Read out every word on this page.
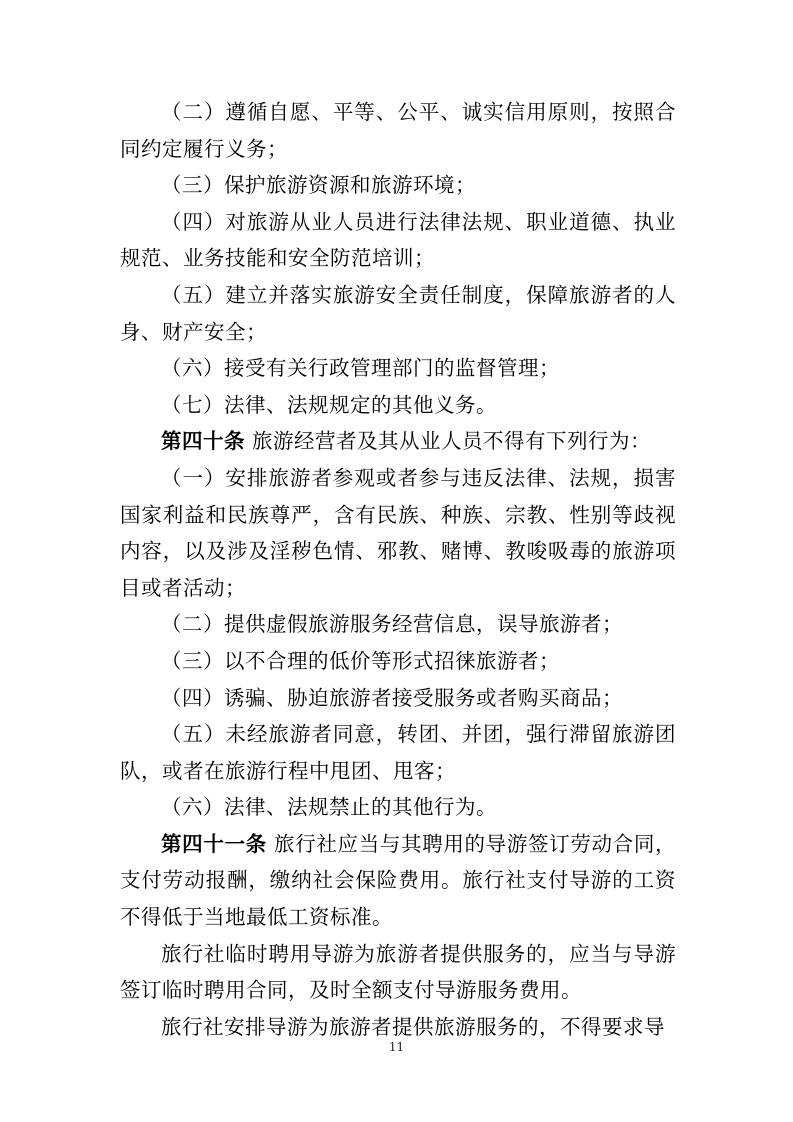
（二）遵循自愿、平等、公平、诚实信用原则，按照合同约定履行义务；

（三）保护旅游资源和旅游环境；

（四）对旅游从业人员进行法律法规、职业道德、执业规范、业务技能和安全防范培训；

（五）建立并落实旅游安全责任制度，保障旅游者的人身、财产安全；

（六）接受有关行政管理部门的监督管理；

（七）法律、法规规定的其他义务。

第四十条 旅游经营者及其从业人员不得有下列行为：

（一）安排旅游者参观或者参与违反法律、法规，损害国家利益和民族尊严，含有民族、种族、宗教、性别等歧视内容，以及涉及淫秽色情、邪教、赌博、教唆吸毒的旅游项目或者活动；

（二）提供虚假旅游服务经营信息，误导旅游者；

（三）以不合理的低价等形式招徕旅游者；

（四）诱骗、胁迫旅游者接受服务或者购买商品；

（五）未经旅游者同意，转团、并团，强行滞留旅游团队，或者在旅游行程中甩团、甩客；

（六）法律、法规禁止的其他行为。

第四十一条 旅行社应当与其聘用的导游签订劳动合同，支付劳动报酬，缴纳社会保险费用。旅行社支付导游的工资不得低于当地最低工资标准。

旅行社临时聘用导游为旅游者提供服务的，应当与导游签订临时聘用合同，及时全额支付导游服务费用。

旅行社安排导游为旅游者提供旅游服务的，不得要求导

11
